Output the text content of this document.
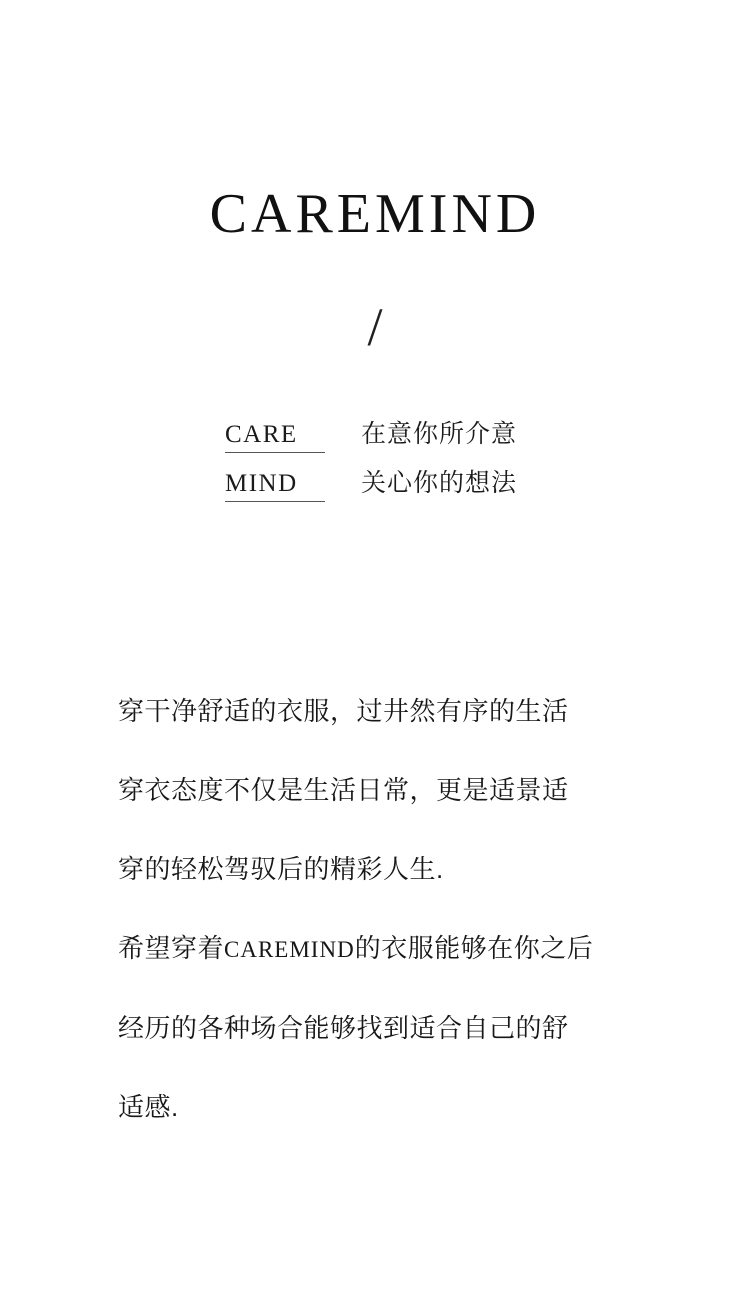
CAREMIND
/
CARE	在意你所介意
MIND	关心你的想法

穿干净舒适的衣服，过井然有序的生活

穿衣态度不仅是生活日常，更是适景适

穿的轻松驾驭后的精彩人生.

希望穿着CAREMIND的衣服能够在你之后

经历的各种场合能够找到适合自己的舒

适感.
